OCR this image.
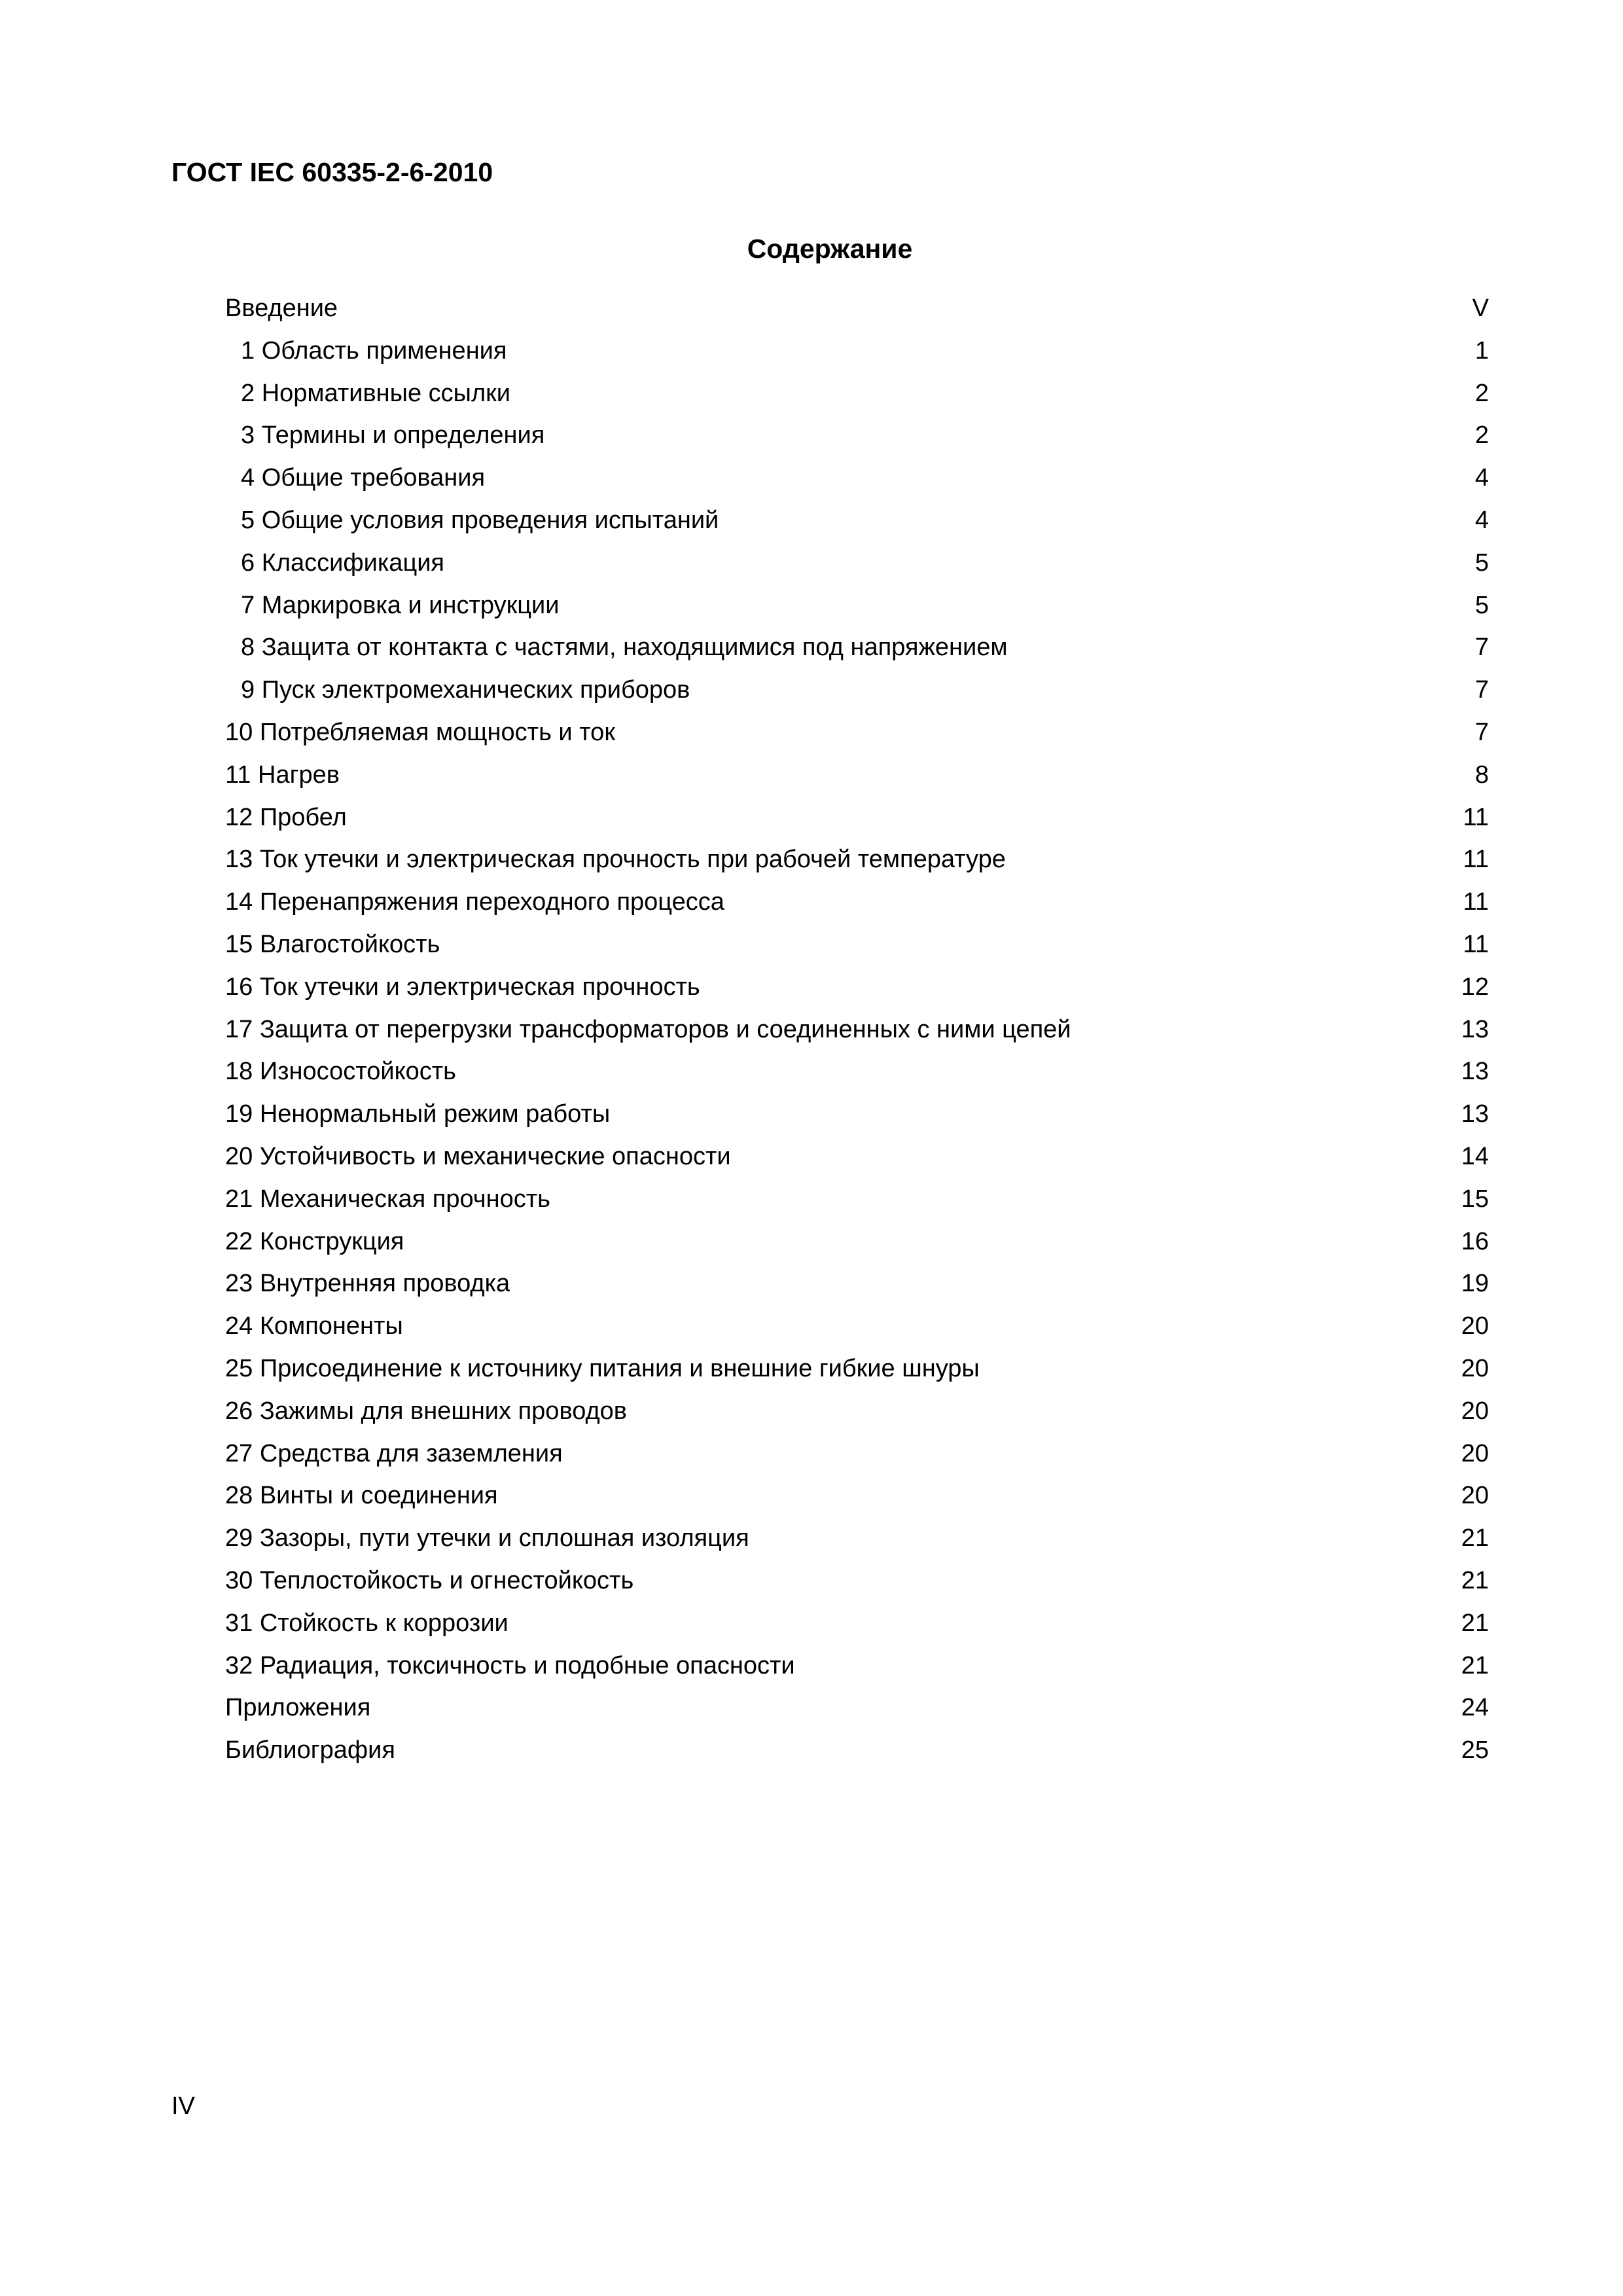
ГОСТ IEC 60335-2-6-2010
Содержание
Введение	V
1 Область применения	1
2 Нормативные ссылки	2
3 Термины и определения	2
4 Общие требования	4
5 Общие условия проведения испытаний	4
6 Классификация	5
7 Маркировка и инструкции	5
8 Защита от контакта с частями, находящимися под напряжением	7
9 Пуск электромеханических приборов	7
10 Потребляемая мощность и ток	7
11 Нагрев	8
12 Пробел	11
13 Ток утечки и электрическая прочность при рабочей температуре	11
14 Перенапряжения переходного процесса	11
15 Влагостойкость	11
16 Ток утечки и электрическая прочность	12
17 Защита от перегрузки трансформаторов и соединенных с ними цепей	13
18 Износостойкость	13
19 Ненормальный режим работы	13
20 Устойчивость и механические опасности	14
21 Механическая прочность	15
22 Конструкция	16
23 Внутренняя проводка	19
24 Компоненты	20
25 Присоединение к источнику питания и внешние гибкие шнуры	20
26 Зажимы для внешних проводов	20
27 Средства для заземления	20
28 Винты и соединения	20
29 Зазоры, пути утечки и сплошная изоляция	21
30 Теплостойкость и огнестойкость	21
31 Стойкость к коррозии	21
32 Радиация, токсичность и подобные опасности	21
Приложения	24
Библиография	25
IV
